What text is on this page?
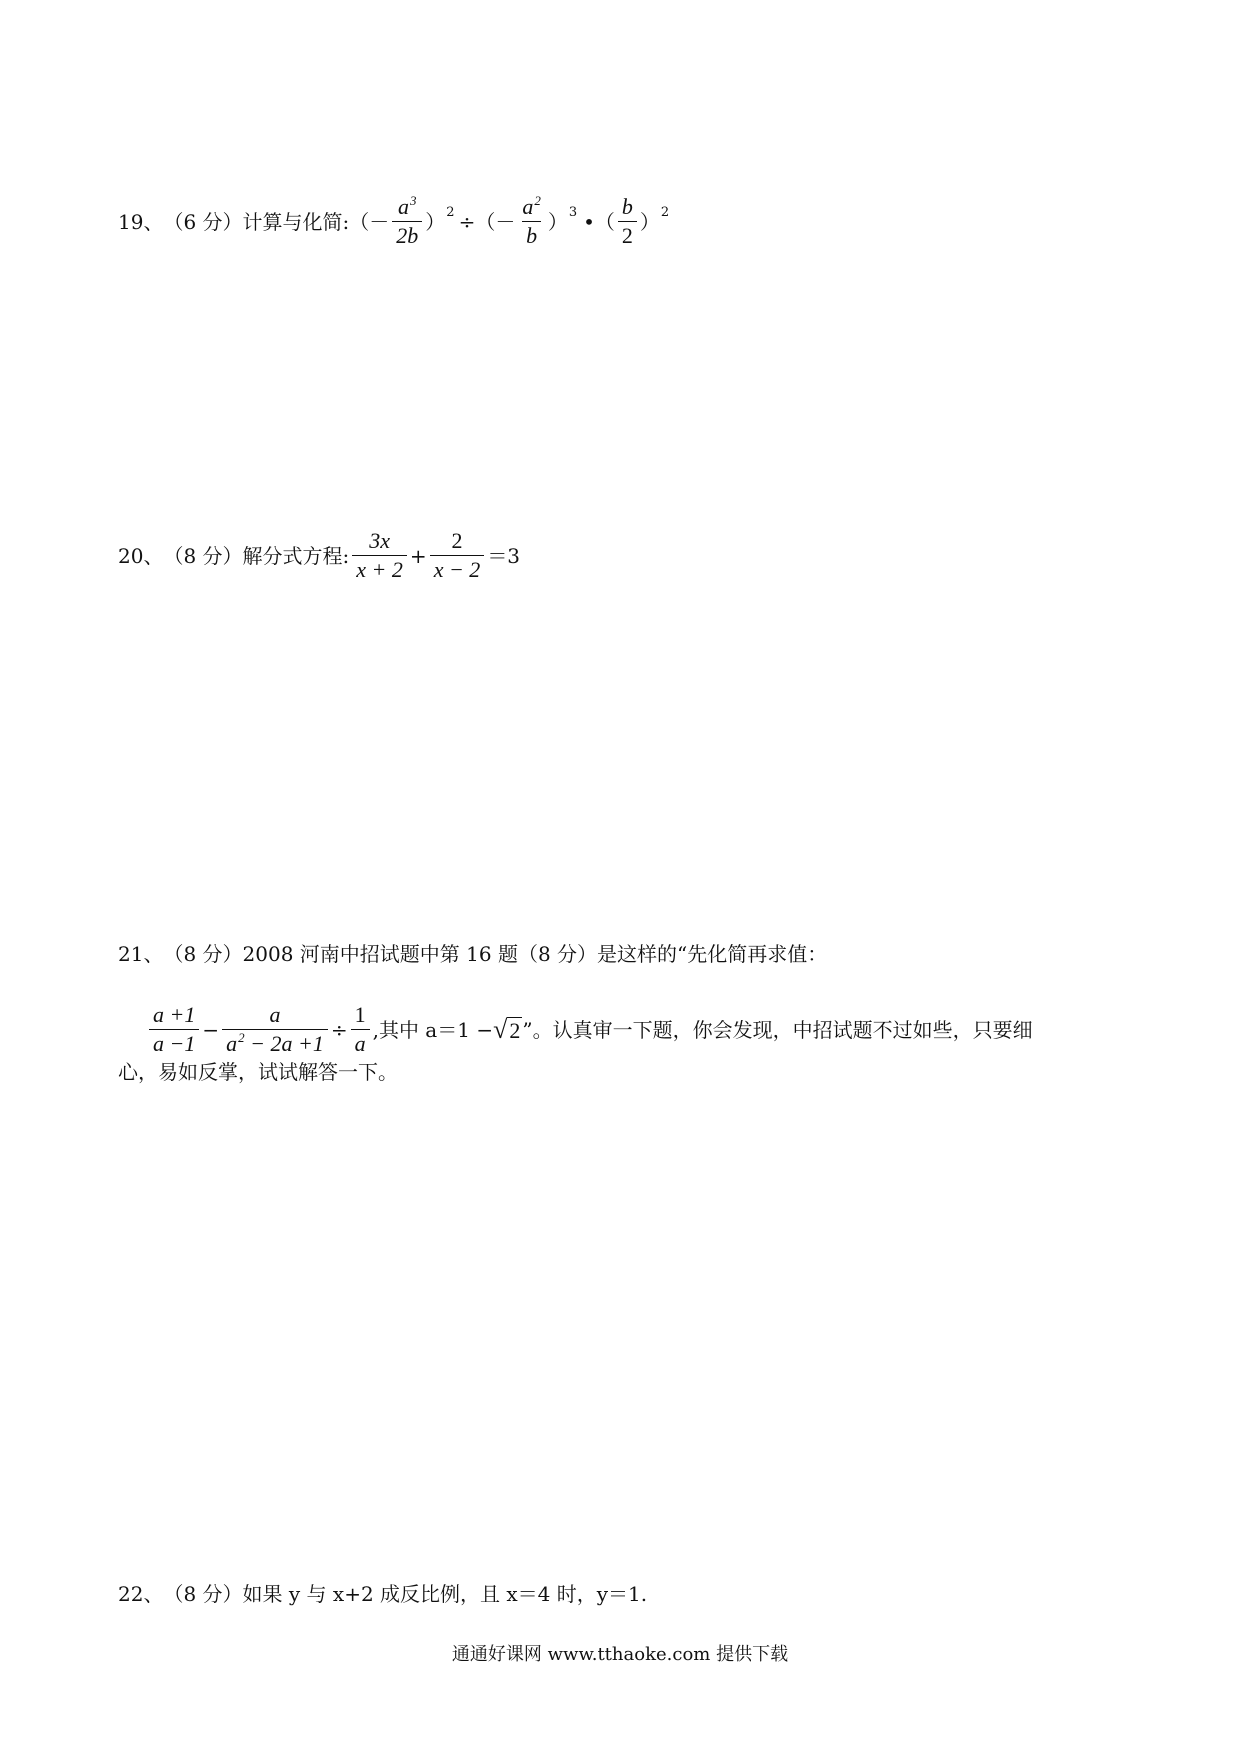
19、 （6 分） 计算与化简: （ － $\frac{a^3}{2b}$ ） 2 ÷ （ － $\frac{a^2}{b}$ ） 3 • （ $\frac{b}{2}$ ） 2
20、 （8 分） 解分式方程: $\frac{3x}{x + 2} + \frac{2}{x - 2} =3$
21、 （8 分） 2008 河南中招试题中第 16 题（8 分）是这样的“先化简再求值：
$\frac{a +1}{a -1} - \frac{a}{a^2 - 2a +1} \div \frac{1}{a}$ ,其中 a＝1 − √ 2 ”。认真审一下题，你会发现，中招试题不过如些，只要细
心，易如反掌，试试解答一下。
22、 （8 分） 如果 y 与 x+2 成反比例，且 x＝4 时，y＝1.
通通好课网 www.tthaoke.com 提供下载
